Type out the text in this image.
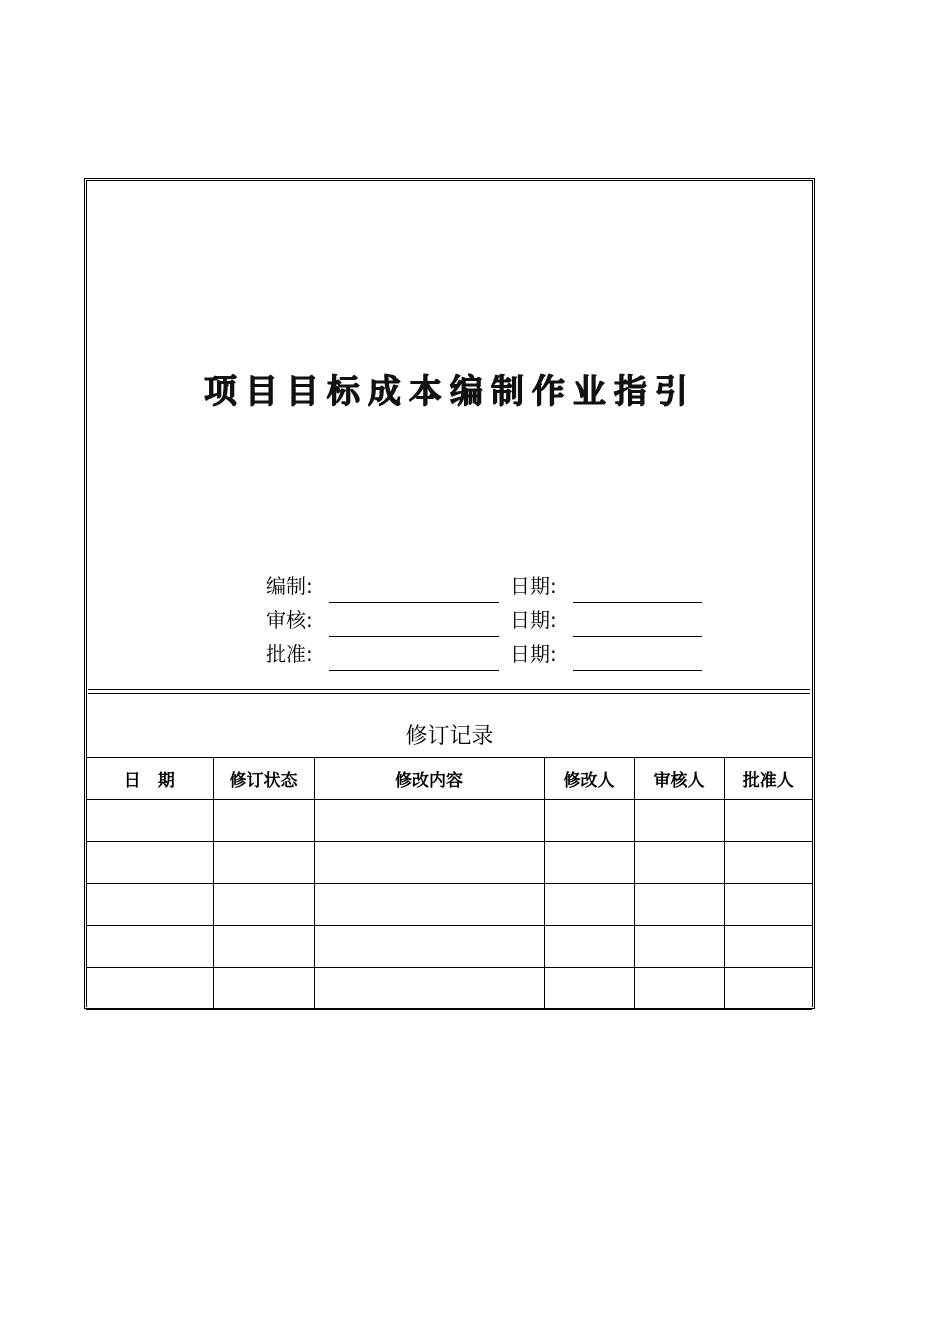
项目目标成本编制作业指引
编制:	日期:
审核:	日期:
批准:	日期:
修订记录
日　期	修订状态	修改内容	修改人	审核人	批准人
